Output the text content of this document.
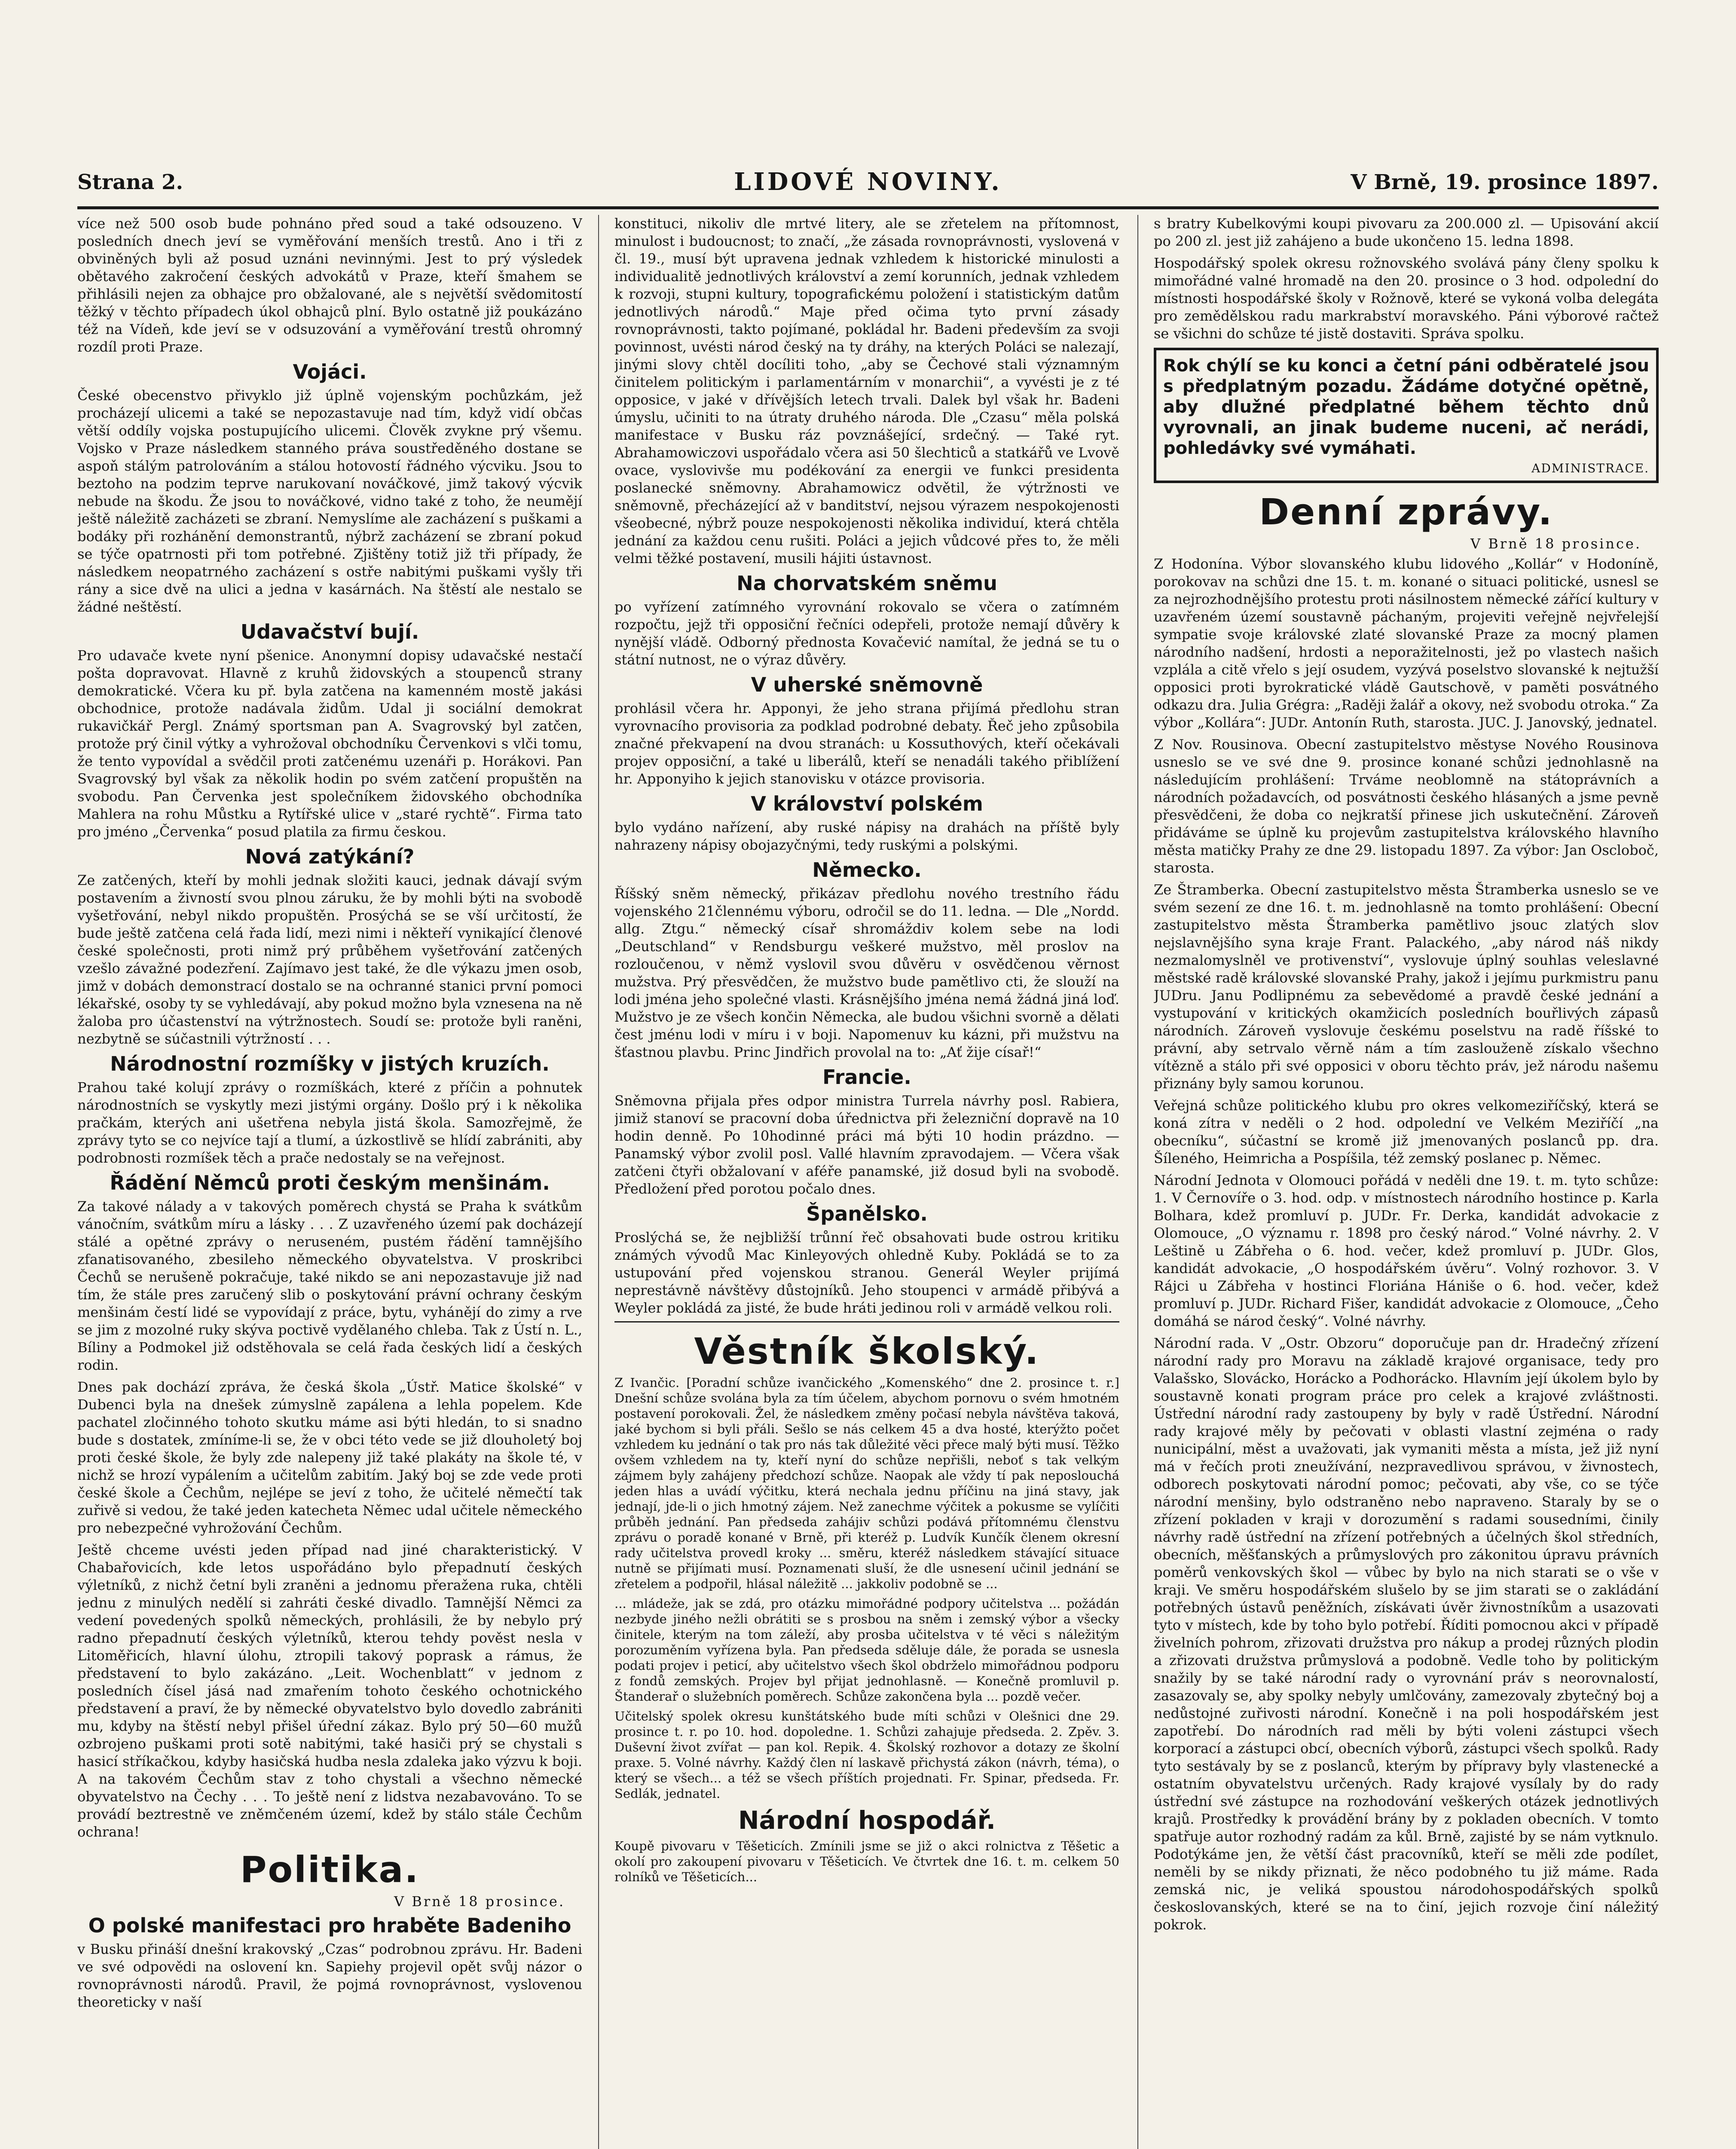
Strana 2.	LIDOVÉ NOVINY.	V Brně, 19. prosince 1897.

více než 500 osob bude pohnáno před soud a také odsouzeno. V posledních dnech jeví se vyměřování menších trestů. Ano i tři z obviněných byli až posud uznáni nevinnými. Jest to prý výsledek obětavého zakročení českých advokátů v Praze, kteří šmahem se přihlásili nejen za obhajce pro obžalované, ale s největší svědomitostí těžký v těchto případech úkol obhajců plní. Bylo ostatně již poukázáno též na Vídeň, kde jeví se v odsuzování a vyměřování trestů ohromný rozdíl proti Praze.

Vojáci.

České obecenstvo přivyklo již úplně vojenským pochůzkám, jež procházejí ulicemi a také se nepozastavuje nad tím, když vidí občas větší oddíly vojska postupujícího ulicemi. Člověk zvykne prý všemu. Vojsko v Praze následkem stanného práva soustředěného dostane se aspoň stálým patrolováním a stálou hotovostí řádného výcviku. Jsou to beztoho na podzim teprve narukovaní nováčkové, jimž takový výcvik nebude na škodu. Že jsou to nováčkové, vidno také z toho, že neumějí ještě náležitě zacházeti se zbraní. Nemyslíme ale zacházení s puškami a bodáky při rozhánění demonstrantů, nýbrž zacházení se zbraní pokud se týče opatrnosti při tom potřebné. Zjištěny totiž již tři případy, že následkem neopatrného zacházení s ostře nabitými puškami vyšly tři rány a sice dvě na ulici a jedna v kasárnách. Na štěstí ale nestalo se žádné neštěstí.

Udavačství bují.

Pro udavače kvete nyní pšenice. Anonymní dopisy udavačské nestačí pošta dopravovat. Hlavně z kruhů židovských a stoupenců strany demokratické. Včera ku př. byla zatčena na kamenném mostě jakási obchodnice, protože nadávala židům. Udal ji sociální demokrat rukavičkář Pergl. Známý sportsman pan A. Svagrovský byl zatčen, protože prý činil výtky a vyhrožoval obchodníku Červenkovi s vlči tomu, že tento vypovídal a svědčil proti zatčenému uzenáři p. Horákovi. Pan Svagrovský byl však za několik hodin po svém zatčení propuštěn na svobodu. Pan Červenka jest společníkem židovského obchodníka Mahlera na rohu Můstku a Rytířské ulice v „staré rychtě“. Firma tato pro jméno „Červenka“ posud platila za firmu českou.

Nová zatýkání?

Ze zatčených, kteří by mohli jednak složiti kauci, jednak dávají svým postavením a živností svou plnou záruku, že by mohli býti na svobodě vyšetřování, nebyl nikdo propuštěn. Prosýchá se se vší určitostí, že bude ještě zatčena celá řada lidí, mezi nimi i někteří vynikající členové české společnosti, proti nimž prý průběhem vyšetřování zatčených vzešlo závažné podezření. Zajímavo jest také, že dle výkazu jmen osob, jimž v dobách demonstrací dostalo se na ochranné stanici první pomoci lékařské, osoby ty se vyhledávají, aby pokud možno byla vznesena na ně žaloba pro účastenství na výtržnostech. Soudí se: protože byli raněni, nezbytně se súčastnili výtržností . . .

Národnostní rozmíšky v jistých kruzích.

Prahou také kolují zprávy o rozmíškách, které z příčin a pohnutek národnostních se vyskytly mezi jistými orgány. Došlo prý i k několika pračkám, kterých ani ušetřena nebyla jistá škola. Samozřejmě, že zprávy tyto se co nejvíce tají a tlumí, a úzkostlivě se hlídí zabrániti, aby podrobnosti rozmíšek těch a prače nedostaly se na veřejnost.

Řádění Němců proti českým menšinám.

Za takové nálady a v takových poměrech chystá se Praha k svátkům vánočním, svátkům míru a lásky . . . Z uzavřeného území pak docházejí stálé a opětné zprávy o neruseném, pustém řádění tamnějšího zfanatisovaného, zbesileho německého obyvatelstva. V proskribci Čechů se nerušeně pokračuje, také nikdo se ani nepozastavuje již nad tím, že stále pres zaručený slib o poskytování právní ochrany českým menšinám čestí lidé se vypovídají z práce, bytu, vyhánějí do zimy a rve se jim z mozolné ruky skýva poctivě vydělaného chleba. Tak z Ústí n. L., Bíliny a Podmokel již odstěhovala se celá řada českých lidí a českých rodin.

Dnes pak dochází zpráva, že česká škola „Ústř. Matice školské“ v Dubenci byla na dnešek zúmyslně zapálena a lehla popelem. Kde pachatel zločinného tohoto skutku máme asi býti hledán, to si snadno bude s dostatek, zmíníme-li se, že v obci této vede se již dlouholetý boj proti české škole, že byly zde nalepeny již také plakáty na škole té, v nichž se hrozí vypálením a učitelům zabitím. Jaký boj se zde vede proti české škole a Čechům, nejlépe se jeví z toho, že učitelé němečtí tak zuřivě si vedou, že také jeden katecheta Němec udal učitele německého pro nebezpečné vyhrožování Čechům.

Ještě chceme uvésti jeden případ nad jiné charakteristický. V Chabařovicích, kde letos uspořádáno bylo přepadnutí českých výletníků, z nichž četní byli zraněni a jednomu přeražena ruka, chtěli jednu z minulých nedělí si zahráti české divadlo. Tamnější Němci za vedení povedených spolků německých, prohlásili, že by nebylo prý radno přepadnutí českých výletníků, kterou tehdy pověst nesla v Litoměřicích, hlavní úlohu, ztropili takový poprask a rámus, že představení to bylo zakázáno. „Leit. Wochenblatt“ v jednom z posledních čísel jásá nad zmařením tohoto českého ochotnického představení a praví, že by německé obyvatelstvo bylo dovedlo zabrániti mu, kdyby na štěstí nebyl přišel úřední zákaz. Bylo prý 50—60 mužů ozbrojeno puškami proti sotě nabitými, také hasiči prý se chystali s hasicí stříkačkou, kdyby hasičská hudba nesla zdaleka jako výzvu k boji. A na takovém Čechům stav z toho chystali a všechno německé obyvatelstvo na Čechy . . . To ještě není z lidstva nezabavováno. To se provádí beztrestně ve zněmčeném území, kdež by stálo stále Čechům ochrana!

Politika.
V Brně 18 prosince.
O polské manifestaci pro hraběte Badeniho

v Busku přináší dnešní krakovský „Czas“ podrobnou zprávu. Hr. Badeni ve své odpovědi na oslovení kn. Sapiehy projevil opět svůj názor o rovnoprávnosti národů. Pravil, že pojmá rovnoprávnost, vyslovenou theoreticky v naší

konstituci, nikoliv dle mrtvé litery, ale se zřetelem na přítomnost, minulost i budoucnost; to značí, „že zásada rovnoprávnosti, vyslovená v čl. 19., musí být upravena jednak vzhledem k historické minulosti a individualitě jednotlivých království a zemí korunních, jednak vzhledem k rozvoji, stupni kultury, topografickému položení i statistickým datům jednotlivých národů.“ Maje před očima tyto první zásady rovnoprávnosti, takto pojímané, pokládal hr. Badeni především za svoji povinnost, uvésti národ český na ty dráhy, na kterých Poláci se nalezají, jinými slovy chtěl docíliti toho, „aby se Čechové stali významným činitelem politickým i parlamentárním v monarchii“, a vyvésti je z té opposice, v jaké v dřívějších letech trvali. Dalek byl však hr. Badeni úmyslu, učiniti to na útraty druhého národa. Dle „Czasu“ měla polská manifestace v Busku ráz povznášející, srdečný. — Také ryt. Abrahamowiczovi uspořádalo včera asi 50 šlechticů a statkářů ve Lvově ovace, vyslovivše mu podékování za energii ve funkci presidenta poslanecké sněmovny. Abrahamowicz odvětil, že výtržnosti ve sněmovně, přecházející až v banditství, nejsou výrazem nespokojenosti všeobecné, nýbrž pouze nespokojenosti několika individuí, která chtěla jednání za každou cenu rušiti. Poláci a jejich vůdcové přes to, že měli velmi těžké postavení, musili hájiti ústavnost.

Na chorvatském sněmu

po vyřízení zatímného vyrovnání rokovalo se včera o zatímném rozpočtu, jejž tři opposiční řečníci odepřeli, protože nemají důvěry k nynější vládě. Odborný přednosta Kovačević namítal, že jedná se tu o státní nutnost, ne o výraz důvěry.

V uherské sněmovně

prohlásil včera hr. Apponyi, že jeho strana přijímá předlohu stran vyrovnacího provisoria za podklad podrobné debaty. Řeč jeho způsobila značné překvapení na dvou stranách: u Kossuthových, kteří očekávali projev opposiční, a také u liberálů, kteří se nenadáli takého přiblížení hr. Apponyiho k jejich stanovisku v otázce provisoria.

V království polském

bylo vydáno nařízení, aby ruské nápisy na drahách na příště byly nahrazeny nápisy obojazyčnými, tedy ruskými a polskými.

Německo.

Říšský sněm německý, přikázav předlohu nového trestního řádu vojenského 21člennému výboru, odročil se do 11. ledna. — Dle „Nordd. allg. Ztgu.“ německý císař shromáždiv kolem sebe na lodi „Deutschland“ v Rendsburgu veškeré mužstvo, měl proslov na rozloučenou, v němž vyslovil svou důvěru v osvědčenou věrnost mužstva. Prý přesvědčen, že mužstvo bude pamětlivo cti, že slouží na lodi jména jeho společné vlasti. Krásnějšího jména nemá žádná jiná loď. Mužstvo je ze všech končin Německa, ale budou všichni svorně a dělati čest jménu lodi v míru i v boji. Napomenuv ku kázni, při mužstvu na šťastnou plavbu. Princ Jindřich provolal na to: „Ať žije císař!“

Francie.

Sněmovna přijala přes odpor ministra Turrela návrhy posl. Rabiera, jimiž stanoví se pracovní doba úřednictva při železniční dopravě na 10 hodin denně. Po 10hodinné práci má býti 10 hodin prázdno. — Panamský výbor zvolil posl. Vallé hlavním zpravodajem. — Včera však zatčeni čtyři obžalovaní v aféře panamské, již dosud byli na svobodě. Předložení před porotou počalo dnes.

Španělsko.

Proslýchá se, že nejbližší trůnní řeč obsahovati bude ostrou kritiku známých vývodů Mac Kinleyových ohledně Kuby. Pokládá se to za ustupování před vojenskou stranou. Generál Weyler prijímá neprestávně návštěvy důstojníků. Jeho stoupenci v armádě přibývá a Weyler pokládá za jisté, že bude hráti jedinou roli v armádě velkou roli.

Věstník školský.

Z Ivančic. [Poradní schůze ivančického „Komenského“ dne 2. prosince t. r.] Dnešní schůze svolána byla za tím účelem, abychom pornovu o svém hmotném postavení porokovali. Žel, že následkem změny počasí nebyla návštěva taková, jaké bychom si byli přáli. Sešlo se nás celkem 45 a dva hosté, kterýžto počet vzhledem ku jednání o tak pro nás tak důležité věci přece malý býti musí. Těžko ovšem vzhledem na ty, kteří nyní do schůze nepřišli, neboť s tak velkým zájmem byly zahájeny předchozí schůze. Naopak ale vždy tí pak neposlouchá jeden hlas a uvádí výčitku, která nechala jednu příčinu na jiná stavy, jak jednají, jde-li o jich hmotný zájem. Než zanechme výčitek a pokusme se vylíčiti průběh jednání. Pan předseda zahájiv schůzi podává přítomnému členstvu zprávu o poradě konané v Brně, při kteréž p. Ludvík Kunčík členem okresní rady učitelstva provedl kroky ... směru, kteréž následkem stávající situace nutně se přijímati musí. Poznamenati sluší, že dle usnesení učinil jednání se zřetelem a podpořil, hlásal náležitě ... jakkoliv podobně se ...

... mládeže, jak se zdá, pro otázku mimořádné podpory učitelstva ... požádán nezbyde jiného nežli obrátiti se s prosbou na sněm i zemský výbor a všecky činitele, kterým na tom záleží, aby prosba učitelstva v té věci s náležitým porozuměním vyřízena byla. Pan předseda sděluje dále, že porada se usnesla podati projev i peticí, aby učitelstvo všech škol obdrželo mimořádnou podporu z fondů zemských. Projev byl přijat jednohlasně. — Konečně promluvil p. Štanderař o služebních poměrech. Schůze zakončena byla ... pozdě večer.

Učitelský spolek okresu kunštátského bude míti schůzi v Olešnici dne 29. prosince t. r. po 10. hod. dopoledne. 1. Schůzi zahajuje předseda. 2. Zpěv. 3. Duševní život zvířat — pan kol. Repik. 4. Školský rozhovor a dotazy ze školní praxe. 5. Volné návrhy. Každý člen ní laskavě přichystá zákon (návrh, téma), o který se všech... a též se všech příštích projednati. Fr. Spinar, předseda. Fr. Sedlák, jednatel.

Národní hospodář.

Koupě pivovaru v Těšeticích. Zmínili jsme se již o akci rolnictva z Těšetic a okolí pro zakoupení pivovaru v Těšeticích. Ve čtvrtek dne 16. t. m. celkem 50 rolníků ve Těšeticích...

s bratry Kubelkovými koupi pivovaru za 200.000 zl. — Upisování akcií po 200 zl. jest již zahájeno a bude ukončeno 15. ledna 1898.

Hospodářský spolek okresu rožnovského svolává pány členy spolku k mimořádné valné hromadě na den 20. prosince o 3 hod. odpolední do místnosti hospodářské školy v Rožnově, které se vykoná volba delegáta pro zemědělskou radu markrabství moravského. Páni výborové račtež se všichni do schůze té jistě dostaviti. Správa spolku.

Rok chýlí se ku konci a četní páni odběratelé jsou s předplatným pozadu. Žádáme dotyčné opětně, aby dlužné předplatné během těchto dnů vyrovnali, an jinak budeme nuceni, ač nerádi, pohledávky své vymáhati.

ADMINISTRACE.
Denní zprávy.
V Brně 18 prosince.

Z Hodonína. Výbor slovanského klubu lidového „Kollár“ v Hodoníně, porokovav na schůzi dne 15. t. m. konané o situaci politické, usnesl se za nejrozhodnějšího protestu proti násilnostem německé zářící kultury v uzavřeném území soustavně páchaným, projeviti veřejně nejvřelejší sympatie svoje královské zlaté slovanské Praze za mocný plamen národního nadšení, hrdosti a neporažitelnosti, jež po vlastech našich vzplála a citě vřelo s její osudem, vyzývá poselstvo slovanské k nejtužší opposici proti byrokratické vládě Gautschově, v paměti posvátného odkazu dra. Julia Grégra: „Raději žalář a okovy, než svobodu otroka.“ Za výbor „Kollára“: JUDr. Antonín Ruth, starosta. JUC. J. Janovský, jednatel.

Z Nov. Rousinova. Obecní zastupitelstvo městyse Nového Rousinova usneslo se ve své dne 9. prosince konané schůzi jednohlasně na následujícím prohlášení: Trváme neoblomně na státoprávních a národních požadavcích, od posvátnosti českého hlásaných a jsme pevně přesvědčeni, že doba co nejkratší přinese jich uskutečnění. Zároveň přidáváme se úplně ku projevům zastupitelstva královského hlavního města matičky Prahy ze dne 29. listopadu 1897. Za výbor: Jan Oscloboč, starosta.

Ze Štramberka. Obecní zastupitelstvo města Štramberka usneslo se ve svém sezení ze dne 16. t. m. jednohlasně na tomto prohlášení: Obecní zastupitelstvo města Štramberka pamětlivo jsouc zlatých slov nejslavnějšího syna kraje Frant. Palackého, „aby národ náš nikdy nezmalomyslněl ve protivenství“, vyslovuje úplný souhlas veleslavné městské radě královské slovanské Prahy, jakož i jejímu purkmistru panu JUDru. Janu Podlipnému za sebevědomé a pravdě české jednání a vystupování v kritických okamžicích posledních bouřlivých zápasů národních. Zároveň vyslovuje českému poselstvu na radě říšské to právní, aby setrvalo věrně nám a tím zaslouženě získalo všechno vítězně a stálo při své opposici v oboru těchto práv, jež národu našemu přiznány byly samou korunou.

Veřejná schůze politického klubu pro okres velkomeziříčský, která se koná zítra v neděli o 2 hod. odpolední ve Velkém Meziříčí „na obecníku“, súčastní se kromě již jmenovaných poslanců pp. dra. Šíleného, Heimricha a Pospíšila, též zemský poslanec p. Němec.

Národní Jednota v Olomouci pořádá v neděli dne 19. t. m. tyto schůze: 1. V Černovíře o 3. hod. odp. v místnostech národního hostince p. Karla Bolhara, kdež promluví p. JUDr. Fr. Derka, kandidát advokacie z Olomouce, „O významu r. 1898 pro český národ.“ Volné návrhy. 2. V Leštině u Zábřeha o 6. hod. večer, kdež promluví p. JUDr. Glos, kandidát advokacie, „O hospodářském úvěru“. Volný rozhovor. 3. V Rájci u Zábřeha v hostinci Floriána Hániše o 6. hod. večer, kdež promluví p. JUDr. Richard Fišer, kandidát advokacie z Olomouce, „Čeho domáhá se národ český“. Volné návrhy.

Národní rada. V „Ostr. Obzoru“ doporučuje pan dr. Hradečný zřízení národní rady pro Moravu na základě krajové organisace, tedy pro Valašsko, Slovácko, Horácko a Podhorácko. Hlavním její úkolem bylo by soustavně konati program práce pro celek a krajové zvláštnosti. Ústřední národní rady zastoupeny by byly v radě Ústřední. Národní rady krajové měly by pečovati v oblasti vlastní zejména o rady nunicipální, měst a uvažovati, jak vymaniti města a místa, jež již nyní má v řečích proti zneužívání, nezpravedlivou správou, v živnostech, odborech poskytovati národní pomoc; pečovati, aby vše, co se týče národní menšiny, bylo odstraněno nebo napraveno. Staraly by se o zřízení pokladen v kraji v dorozumění s radami sousedními, činily návrhy radě ústřední na zřízení potřebných a účelných škol středních, obecních, měšťanských a průmyslových pro zákonitou úpravu právních poměrů venkovských škol — vůbec by bylo na nich starati se o vše v kraji. Ve směru hospodářském slušelo by se jim starati se o zakládání potřebných ústavů peněžních, získávati úvěr živnostníkům a usazovati tyto v místech, kde by toho bylo potřebí. Říditi pomocnou akci v případě živelních pohrom, zřizovati družstva pro nákup a prodej různých plodin a zřizovati družstva průmyslová a podobně. Vedle toho by politickým snažily by se také národní rady o vyrovnání práv s neorovnalostí, zasazovaly se, aby spolky nebyly umlčovány, zamezovaly zbytečný boj a nedůstojné zuřivosti národní. Konečně i na poli hospodářském jest zapotřebí. Do národních rad měli by býti voleni zástupci všech korporací a zástupci obcí, obecních výborů, zástupci všech spolků. Rady tyto sestávaly by se z poslanců, kterým by přípravy byly vlastenecké a ostatním obyvatelstvu určených. Rady krajové vysílaly by do rady ústřední své zástupce na rozhodování veškerých otázek jednotlivých krajů. Prostředky k provádění brány by z pokladen obecních. V tomto spatřuje autor rozhodný radám za kůl. Brně, zajisté by se nám vytknulo. Podotýkáme jen, že větší část pracovníků, kteří se měli zde podílet, neměli by se nikdy přiznati, že něco podobného tu již máme. Rada zemská nic, je veliká spoustou národohospodářských spolků českoslovanských, které se na to činí, jejich rozvoje činí náležitý pokrok.
